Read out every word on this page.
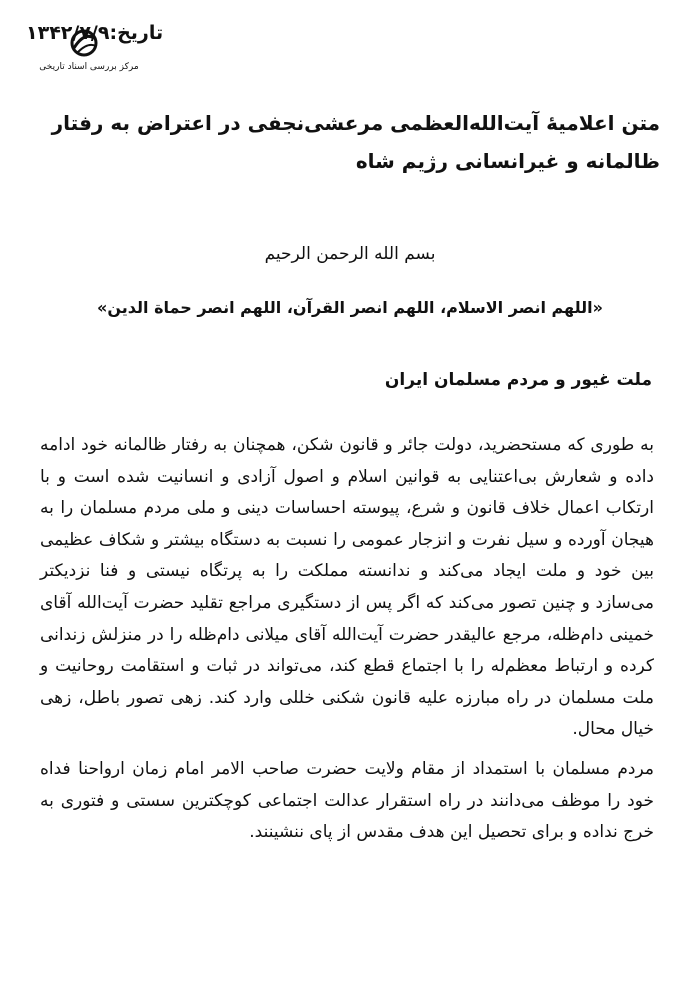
تاریخ:۱۳۴۲/۷/۹
مرکز بررسی اسناد تاریخی
متن اعلامیهٔ آیت‌الله‌العظمی مرعشی‌نجفی در اعتراض به رفتار ظالمانه و غیرانسانی رژیم شاه
بسم الله الرحمن الرحیم
«اللهم انصر الاسلام، اللهم انصر القرآن، اللهم انصر حماة الدین»
ملت غیور و مردم مسلمان ایران

به طوری که مستحضرید، دولت جائر و قانون شکن، همچنان به رفتار ظالمانه خود ادامه داده و شعارش بی‌اعتنایی به قوانین اسلام و اصول آزادی و انسانیت شده است و با ارتکاب اعمال خلاف قانون و شرع، پیوسته احساسات دینی و ملی مردم مسلمان را به هیجان آورده و سیل نفرت و انزجار عمومی را نسبت به دستگاه بیشتر و شکاف عظیمی بین خود و ملت ایجاد می‌کند و ندانسته مملکت را به پرتگاه نیستی و فنا نزدیکتر می‌سازد و چنین تصور می‌کند که اگر پس از دستگیری مراجع تقلید حضرت آیت‌الله آقای خمینی دام‌ظله، مرجع عالیقدر حضرت آیت‌الله آقای میلانی دام‌ظله را در منزلش زندانی کرده و ارتباط معظم‌له را با اجتماع قطع کند، می‌تواند در ثبات و استقامت روحانیت و ملت مسلمان در راه مبارزه علیه قانون شکنی خللی وارد کند. زهی تصور باطل، زهی خیال محال.

مردم مسلمان با استمداد از مقام ولایت حضرت صاحب الامر امام زمان ارواحنا فداه خود را موظف می‌دانند در راه استقرار عدالت اجتماعی کوچکترین سستی و فتوری به خرج نداده و برای تحصیل این هدف مقدس از پای ننشینند.
